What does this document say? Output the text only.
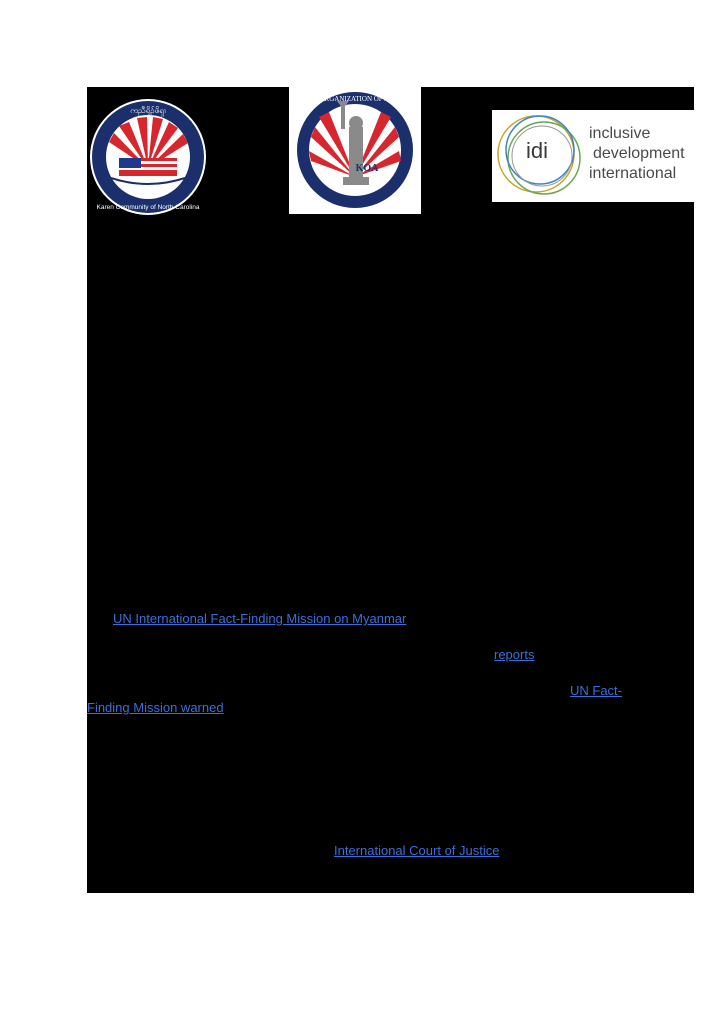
ကညီၡိၣ်ဖိၡၢ
Karen Community of North Carolina
KOA
KAREN ORGANIZATION OF AMERICA
idi
inclusive
development
international
UN International Fact-Finding Mission on Myanmar
reports
UN Fact-
Finding Mission warned
International Court of Justice
